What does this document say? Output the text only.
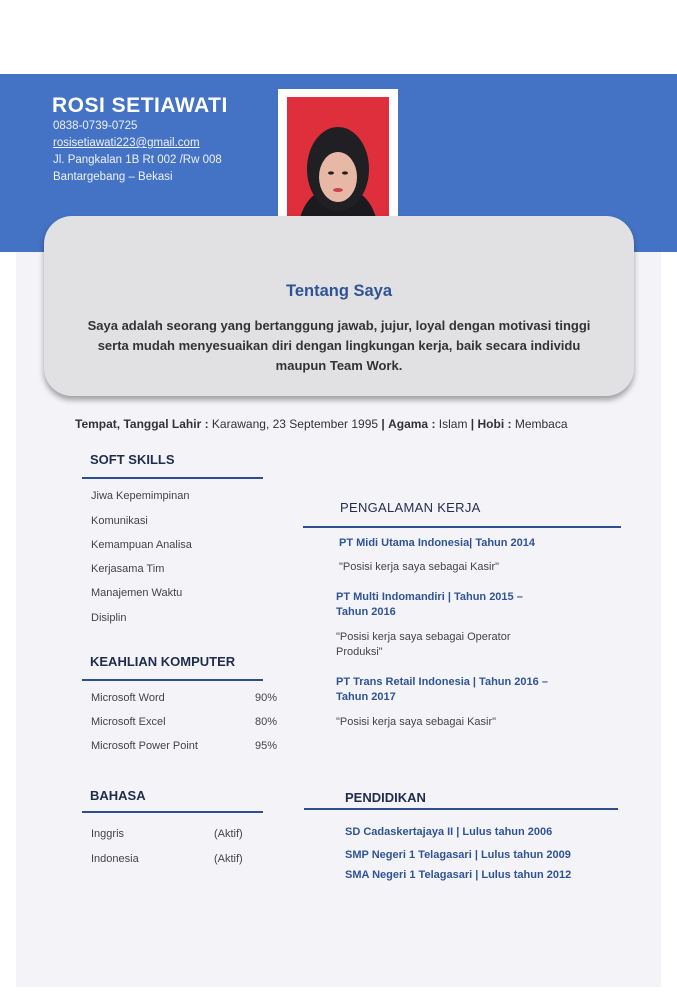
ROSI SETIAWATI
0838-0739-0725
rosisetiawati223@gmail.com
Jl. Pangkalan 1B Rt 002 /Rw 008
Bantargebang – Bekasi
Tentang Saya
Saya adalah seorang yang bertanggung jawab, jujur, loyal dengan motivasi tinggi serta mudah menyesuaikan diri dengan lingkungan kerja, baik secara individu maupun Team Work.
Tempat, Tanggal Lahir : Karawang, 23 September 1995 | Agama : Islam | Hobi : Membaca
SOFT SKILLS
Jiwa Kepemimpinan
Komunikasi
Kemampuan Analisa
Kerjasama Tim
Manajemen Waktu
Disiplin
KEAHLIAN KOMPUTER
Microsoft Word	90%
Microsoft Excel	80%
Microsoft Power Point	95%
BAHASA
Inggris	(Aktif)
Indonesia	(Aktif)
PENGALAMAN KERJA
PT Midi Utama Indonesia| Tahun 2014
"Posisi kerja saya sebagai Kasir"
PT Multi Indomandiri | Tahun 2015 –
Tahun 2016
"Posisi kerja saya sebagai Operator
Produksi"
PT Trans Retail Indonesia | Tahun 2016 –
Tahun 2017
"Posisi kerja saya sebagai Kasir"
PENDIDIKAN
SD Cadaskertajaya II | Lulus tahun 2006
SMP Negeri 1 Telagasari | Lulus tahun 2009
SMA Negeri 1 Telagasari | Lulus tahun 2012
